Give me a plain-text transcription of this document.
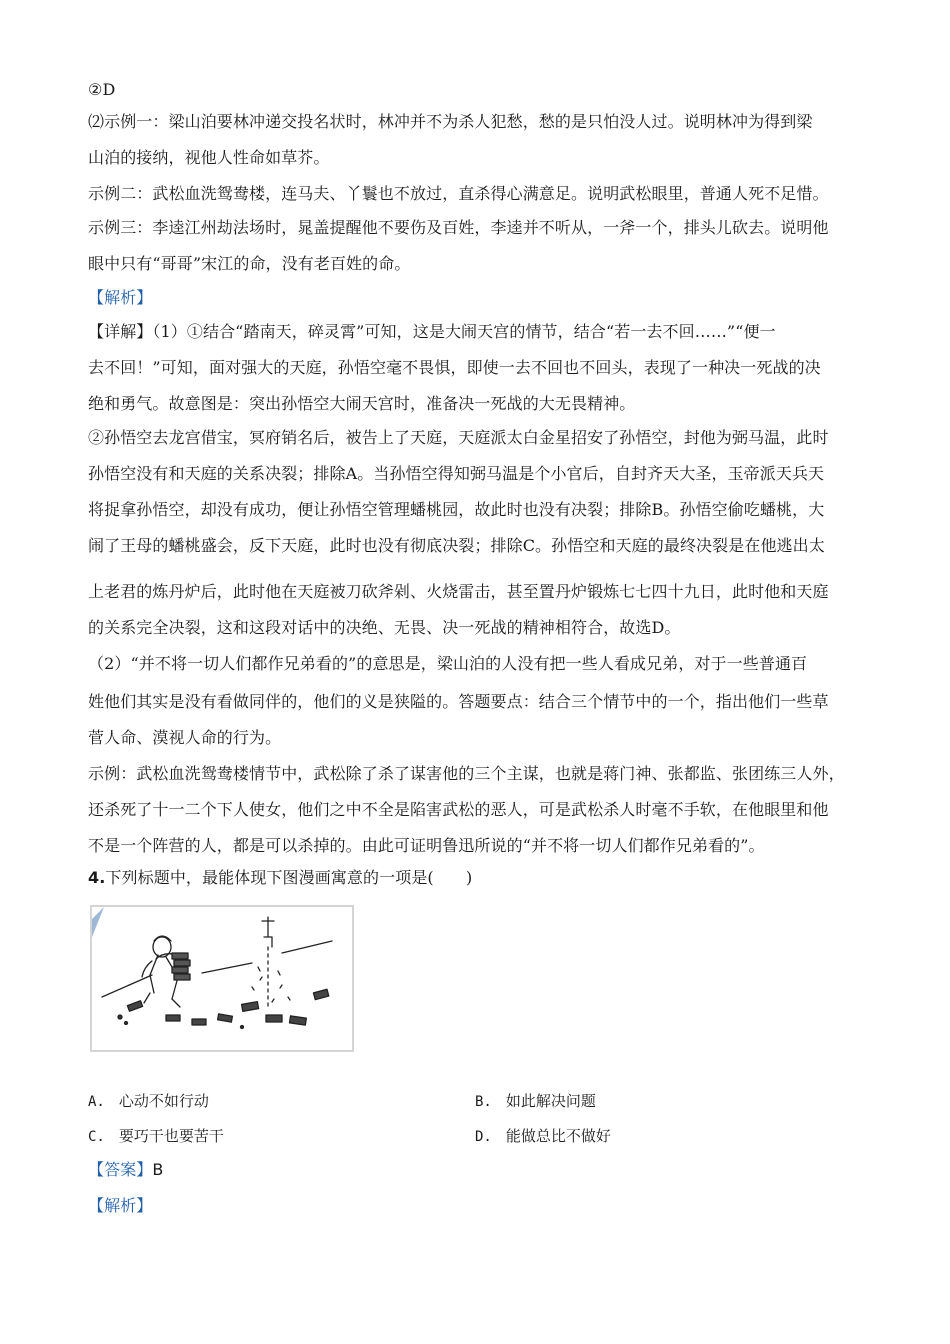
②D
⑵示例一：梁山泊要林冲递交投名状时，林冲并不为杀人犯愁，愁的是只怕没人过。说明林冲为得到梁
山泊的接纳，视他人性命如草芥。
示例二：武松血洗鸳鸯楼，连马夫、丫鬟也不放过，直杀得心满意足。说明武松眼里，普通人死不足惜。
示例三：李逵江州劫法场时，晁盖提醒他不要伤及百姓，李逵并不听从，一斧一个，排头儿砍去。说明他
眼中只有“哥哥”宋江的命，没有老百姓的命。
【解析】
【详解】（1）①结合“踏南天，碎灵霄”可知，这是大闹天宫的情节，结合“若一去不回……”“便一
去不回！”可知，面对强大的天庭，孙悟空毫不畏惧，即使一去不回也不回头，表现了一种决一死战的决
绝和勇气。故意图是：突出孙悟空大闹天宫时，准备决一死战的大无畏精神。
②孙悟空去龙宫借宝，冥府销名后，被告上了天庭，天庭派太白金星招安了孙悟空，封他为弼马温，此时
孙悟空没有和天庭的关系决裂；排除A。当孙悟空得知弼马温是个小官后，自封齐天大圣，玉帝派天兵天
将捉拿孙悟空，却没有成功，便让孙悟空管理蟠桃园，故此时也没有决裂；排除B。孙悟空偷吃蟠桃，大
闹了王母的蟠桃盛会，反下天庭，此时也没有彻底决裂；排除C。孙悟空和天庭的最终决裂是在他逃出太
上老君的炼丹炉后，此时他在天庭被刀砍斧剁、火烧雷击，甚至置丹炉锻炼七七四十九日，此时他和天庭
的关系完全决裂，这和这段对话中的决绝、无畏、决一死战的精神相符合，故选D。
（2）“并不将一切人们都作兄弟看的”的意思是，梁山泊的人没有把一些人看成兄弟，对于一些普通百
姓他们其实是没有看做同伴的，他们的义是狭隘的。答题要点：结合三个情节中的一个，指出他们一些草
菅人命、漠视人命的行为。
示例：武松血洗鸳鸯楼情节中，武松除了杀了谋害他的三个主谋，也就是蒋门神、张都监、张团练三人外，
还杀死了十一二个下人使女，他们之中不全是陷害武松的恶人，可是武松杀人时毫不手软，在他眼里和他
不是一个阵营的人，都是可以杀掉的。由此可证明鲁迅所说的“并不将一切人们都作兄弟看的”。
4.下列标题中，最能体现下图漫画寓意的一项是(　　)
A. 心动不如行动	B. 如此解决问题
C. 要巧干也要苦干	D. 能做总比不做好
【答案】B
【解析】
